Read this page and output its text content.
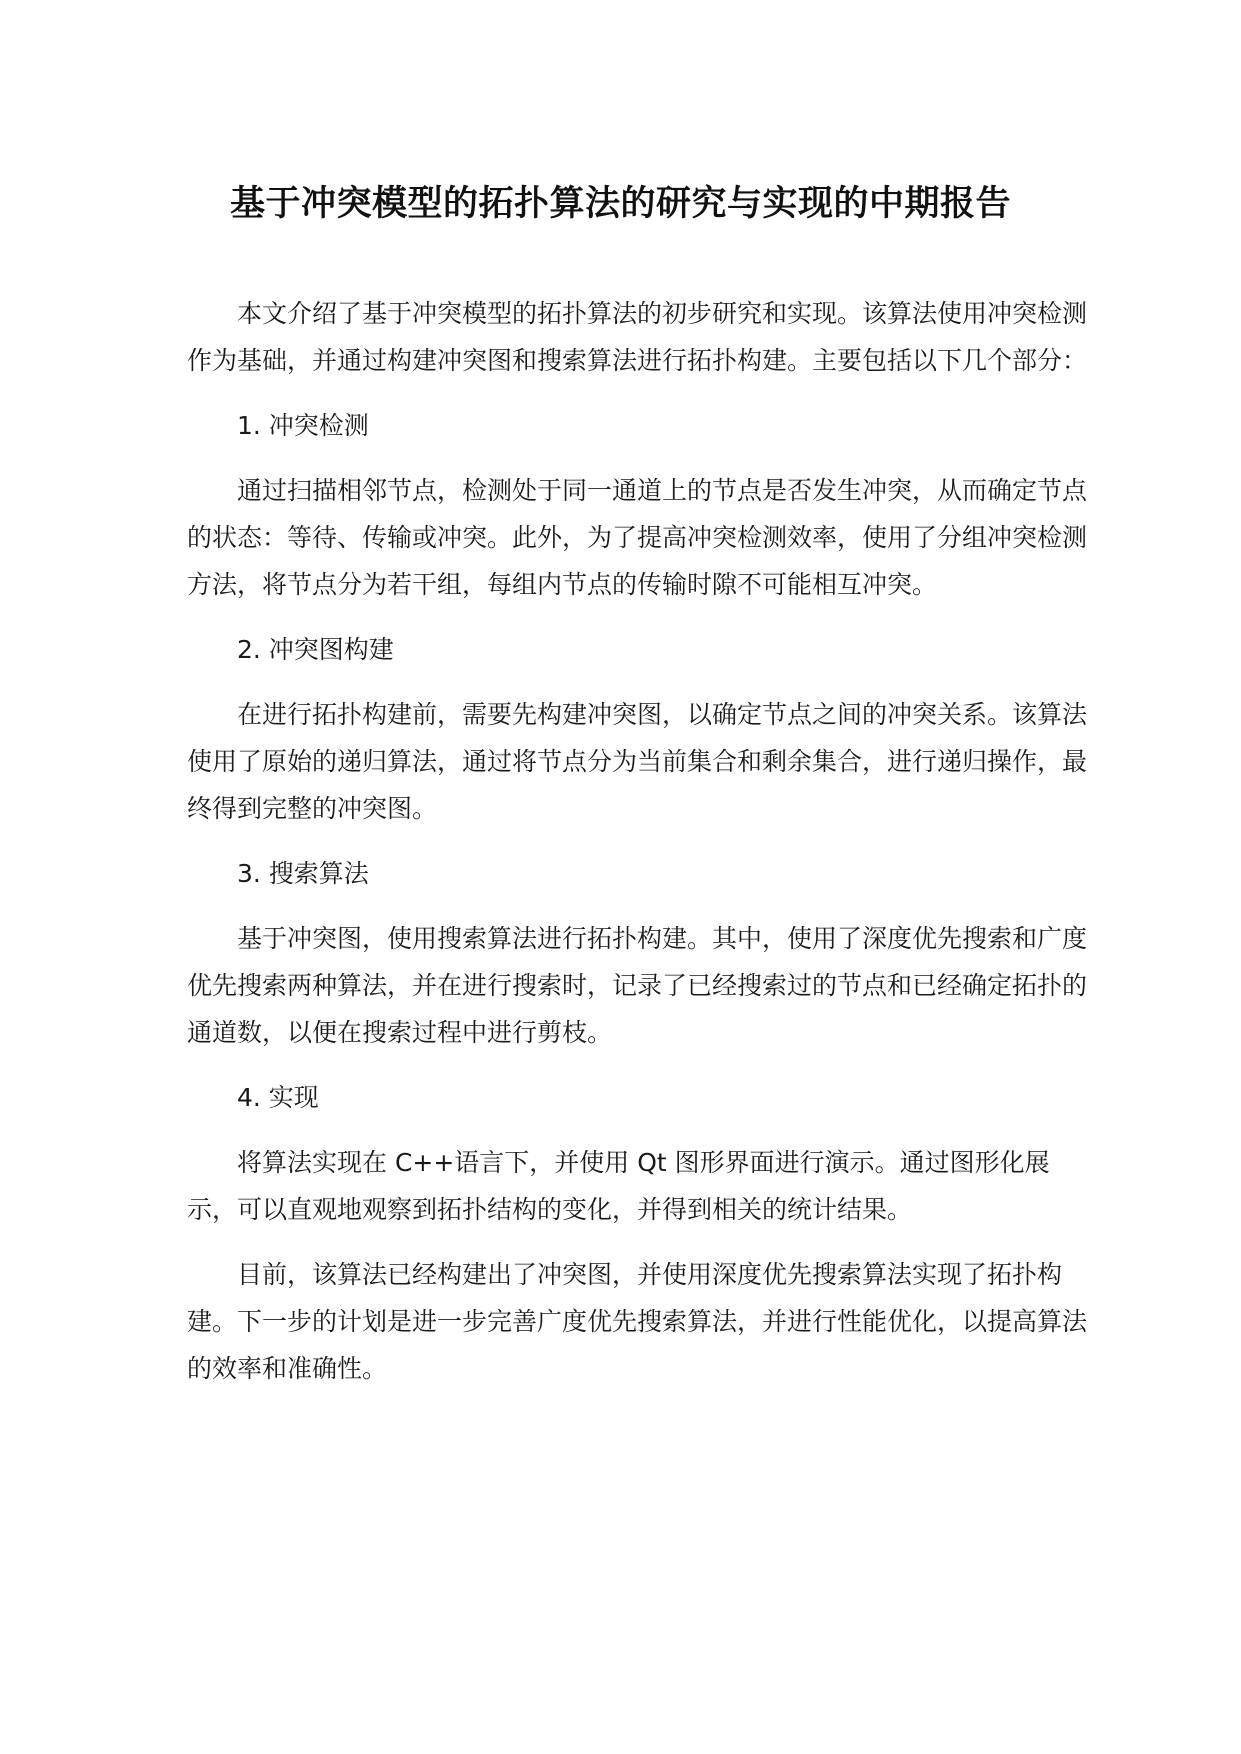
基于冲突模型的拓扑算法的研究与实现的中期报告

本文介绍了基于冲突模型的拓扑算法的初步研究和实现。该算法使用冲突检测作为基础，并通过构建冲突图和搜索算法进行拓扑构建。主要包括以下几个部分：

1. 冲突检测

通过扫描相邻节点，检测处于同一通道上的节点是否发生冲突，从而确定节点的状态：等待、传输或冲突。此外，为了提高冲突检测效率，使用了分组冲突检测方法，将节点分为若干组，每组内节点的传输时隙不可能相互冲突。

2. 冲突图构建

在进行拓扑构建前，需要先构建冲突图，以确定节点之间的冲突关系。该算法使用了原始的递归算法，通过将节点分为当前集合和剩余集合，进行递归操作，最终得到完整的冲突图。

3. 搜索算法

基于冲突图，使用搜索算法进行拓扑构建。其中，使用了深度优先搜索和广度优先搜索两种算法，并在进行搜索时，记录了已经搜索过的节点和已经确定拓扑的通道数，以便在搜索过程中进行剪枝。

4. 实现

将算法实现在 C++语言下，并使用 Qt 图形界面进行演示。通过图形化展示，可以直观地观察到拓扑结构的变化，并得到相关的统计结果。

目前，该算法已经构建出了冲突图，并使用深度优先搜索算法实现了拓扑构建。下一步的计划是进一步完善广度优先搜索算法，并进行性能优化，以提高算法的效率和准确性。
